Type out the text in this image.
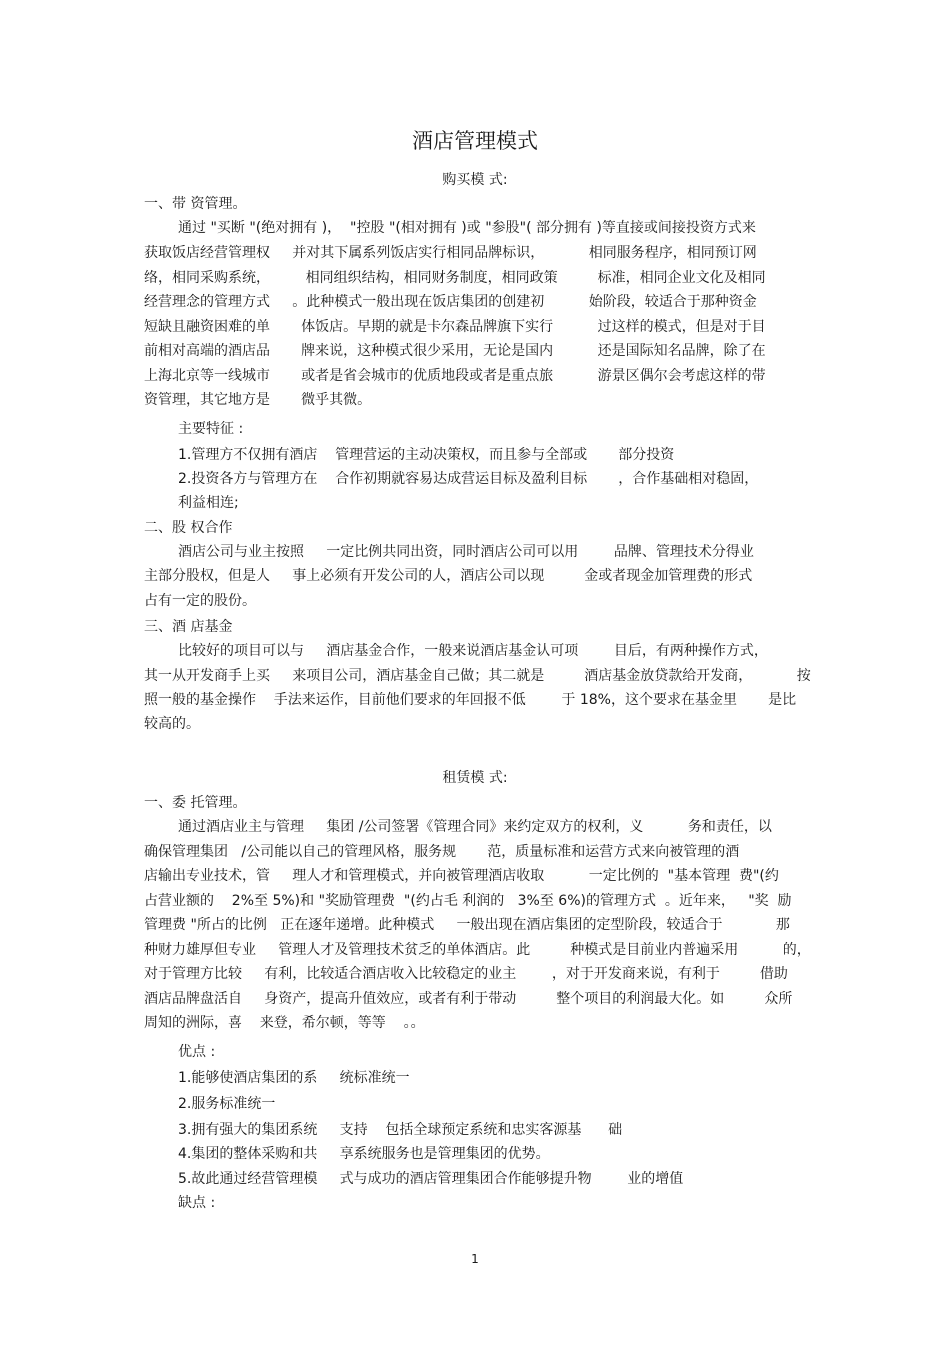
酒店管理模式
购买模 式:
一、带 资管理。
通过 "买断 "(绝对拥有 )，  "控股 "(相对拥有 )或 "参股"( 部分拥有 )等直接或间接投资方式来
获取饭店经营管理权     并对其下属系列饭店实行相同品牌标识，          相同服务程序，相同预订网
络，相同采购系统，        相同组织结构，相同财务制度，相同政策         标准，相同企业文化及相同
经营理念的管理方式     。此种模式一般出现在饭店集团的创建初          始阶段，较适合于那种资金
短缺且融资困难的单       体饭店。早期的就是卡尔森品牌旗下实行          过这样的模式，但是对于目
前相对高端的酒店品       牌来说，这种模式很少采用，无论是国内          还是国际知名品牌，除了在
上海北京等一线城市       或者是省会城市的优质地段或者是重点旅          游景区偶尔会考虑这样的带
资管理，其它地方是       微乎其微。
主要特征 :
1.管理方不仅拥有酒店    管理营运的主动决策权，而且参与全部或       部分投资
2.投资各方与管理方在    合作初期就容易达成营运目标及盈利目标       ，合作基础相对稳固，
利益相连;
二、股 权合作
酒店公司与业主按照     一定比例共同出资，同时酒店公司可以用        品牌、管理技术分得业
主部分股权，但是人     事上必须有开发公司的人，酒店公司以现         金或者现金加管理费的形式
占有一定的股份。
三、酒 店基金
比较好的项目可以与     酒店基金合作，一般来说酒店基金认可项        目后，有两种操作方式，
其一从开发商手上买     来项目公司，酒店基金自己做；其二就是         酒店基金放贷款给开发商，          按
照一般的基金操作    手法来运作，目前他们要求的年回报不低        于 18%，这个要求在基金里       是比
较高的。
租赁模 式:
一、委 托管理。
通过酒店业主与管理     集团 /公司签署《管理合同》来约定双方的权利，义          务和责任，以
确保管理集团   /公司能以自己的管理风格，服务规       范，质量标准和运营方式来向被管理的酒
店输出专业技术，管     理人才和管理模式，并向被管理酒店收取          一定比例的  "基本管理  费"(约
占营业额的    2%至 5%)和 "奖励管理费  "(约占毛 利润的   3%至 6%)的管理方式  。近年来，   "奖  励
管理费 "所占的比例   正在逐年递增。此种模式     一般出现在酒店集团的定型阶段，较适合于            那
种财力雄厚但专业     管理人才及管理技术贫乏的单体酒店。此         种模式是目前业内普遍采用          的，
对于管理方比较     有利，比较适合酒店收入比较稳定的业主        ，对于开发商来说，有利于         借助
酒店品牌盘活自     身资产，提高升值效应，或者有利于带动         整个项目的利润最大化。如         众所
周知的洲际，喜    来登，希尔顿，等等    。。
优点 :
1.能够使酒店集团的系     统标准统一
2.服务标准统一
3.拥有强大的集团系统     支持    包括全球预定系统和忠实客源基      础
4.集团的整体采购和共     享系统服务也是管理集团的优势。
5.故此通过经营管理模     式与成功的酒店管理集团合作能够提升物        业的增值
缺点 :
1
